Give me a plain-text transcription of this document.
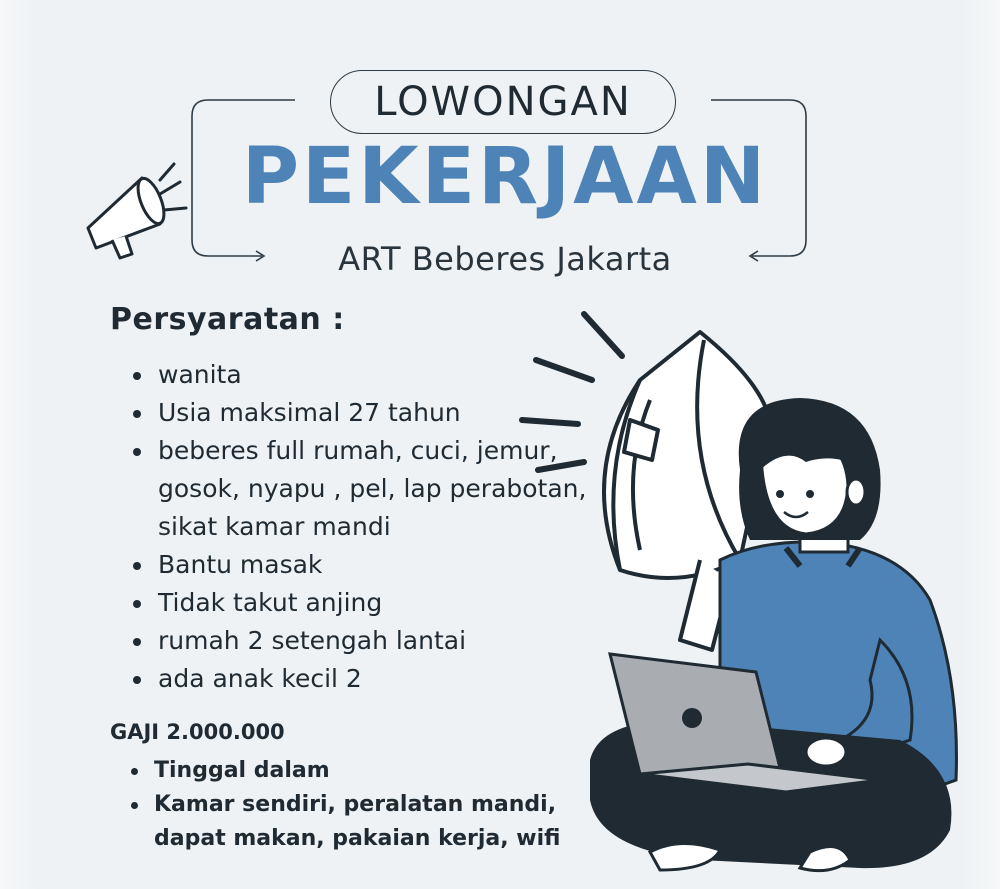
LOWONGAN
PEKERJAAN
ART Beberes Jakarta
Persyaratan :
wanita
Usia maksimal 27 tahun
beberes full rumah, cuci, jemur, gosok, nyapu , pel, lap perabotan, sikat kamar mandi
Bantu masak
Tidak takut anjing
rumah 2 setengah lantai
ada anak kecil 2
GAJI 2.000.000
Tinggal dalam
Kamar sendiri, peralatan mandi, dapat makan, pakaian kerja, wifi
